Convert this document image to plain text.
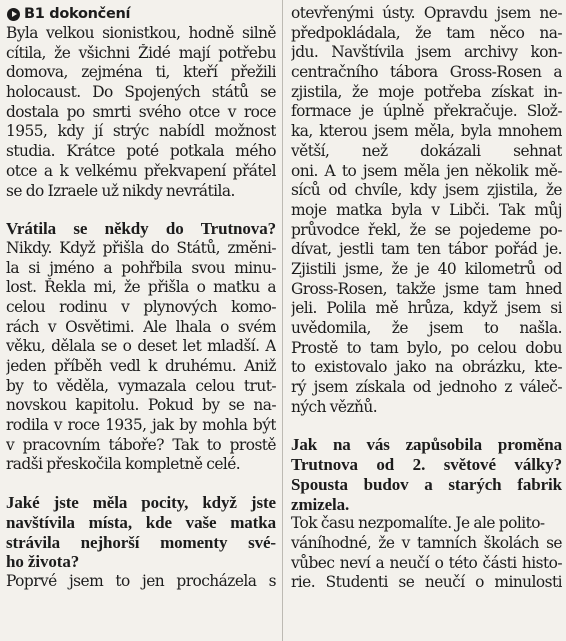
B1 dokončení
Byla velkou sionistkou, hodně silně
cítila, že všichni Židé mají potřebu
domova, zejména ti, kteří přežili
holocaust. Do Spojených států se
dostala po smrti svého otce v roce
1955, kdy jí strýc nabídl možnost
studia. Krátce poté potkala mého
otce a k velkému překvapení přátel
se do Izraele už nikdy nevrátila.
Vrátila se někdy do Trutnova?
Nikdy. Když přišla do Států, změni-
la si jméno a pohřbila svou minu-
lost. Řekla mi, že přišla o matku a
celou rodinu v plynových komo-
rách v Osvětimi. Ale lhala o svém
věku, dělala se o deset let mladší. A
jeden příběh vedl k druhému. Aniž
by to věděla, vymazala celou trut-
novskou kapitolu. Pokud by se na-
rodila v roce 1935, jak by mohla být
v pracovním táboře? Tak to prostě
radši přeskočila kompletně celé.
Jaké jste měla pocity, když jste
navštívila místa, kde vaše matka
strávila nejhorší momenty své-
ho života?
Poprvé jsem to jen procházela s
otevřenými ústy. Opravdu jsem ne-
předpokládala, že tam něco na-
jdu. Navštívila jsem archivy kon-
centračního tábora Gross-Rosen a
zjistila, že moje potřeba získat in-
formace je úplně překračuje. Slož-
ka, kterou jsem měla, byla mnohem
větší, než dokázali sehnat
oni. A to jsem měla jen několik mě-
síců od chvíle, kdy jsem zjistila, že
moje matka byla v Libči. Tak můj
průvodce řekl, že se pojedeme po-
dívat, jestli tam ten tábor pořád je.
Zjistili jsme, že je 40 kilometrů od
Gross-Rosen, takže jsme tam hned
jeli. Polila mě hrůza, když jsem si
uvědomila, že jsem to našla.
Prostě to tam bylo, po celou dobu
to existovalo jako na obrázku, kte-
rý jsem získala od jednoho z váleč-
ných vězňů.
Jak na vás zapůsobila proměna
Trutnova od 2. světové války?
Spousta budov a starých fabrik
zmizela.
Tok času nezpomalíte. Je ale polito-
váníhodné, že v tamních školách se
vůbec neví a neučí o této části histo-
rie. Studenti se neučí o minulosti
